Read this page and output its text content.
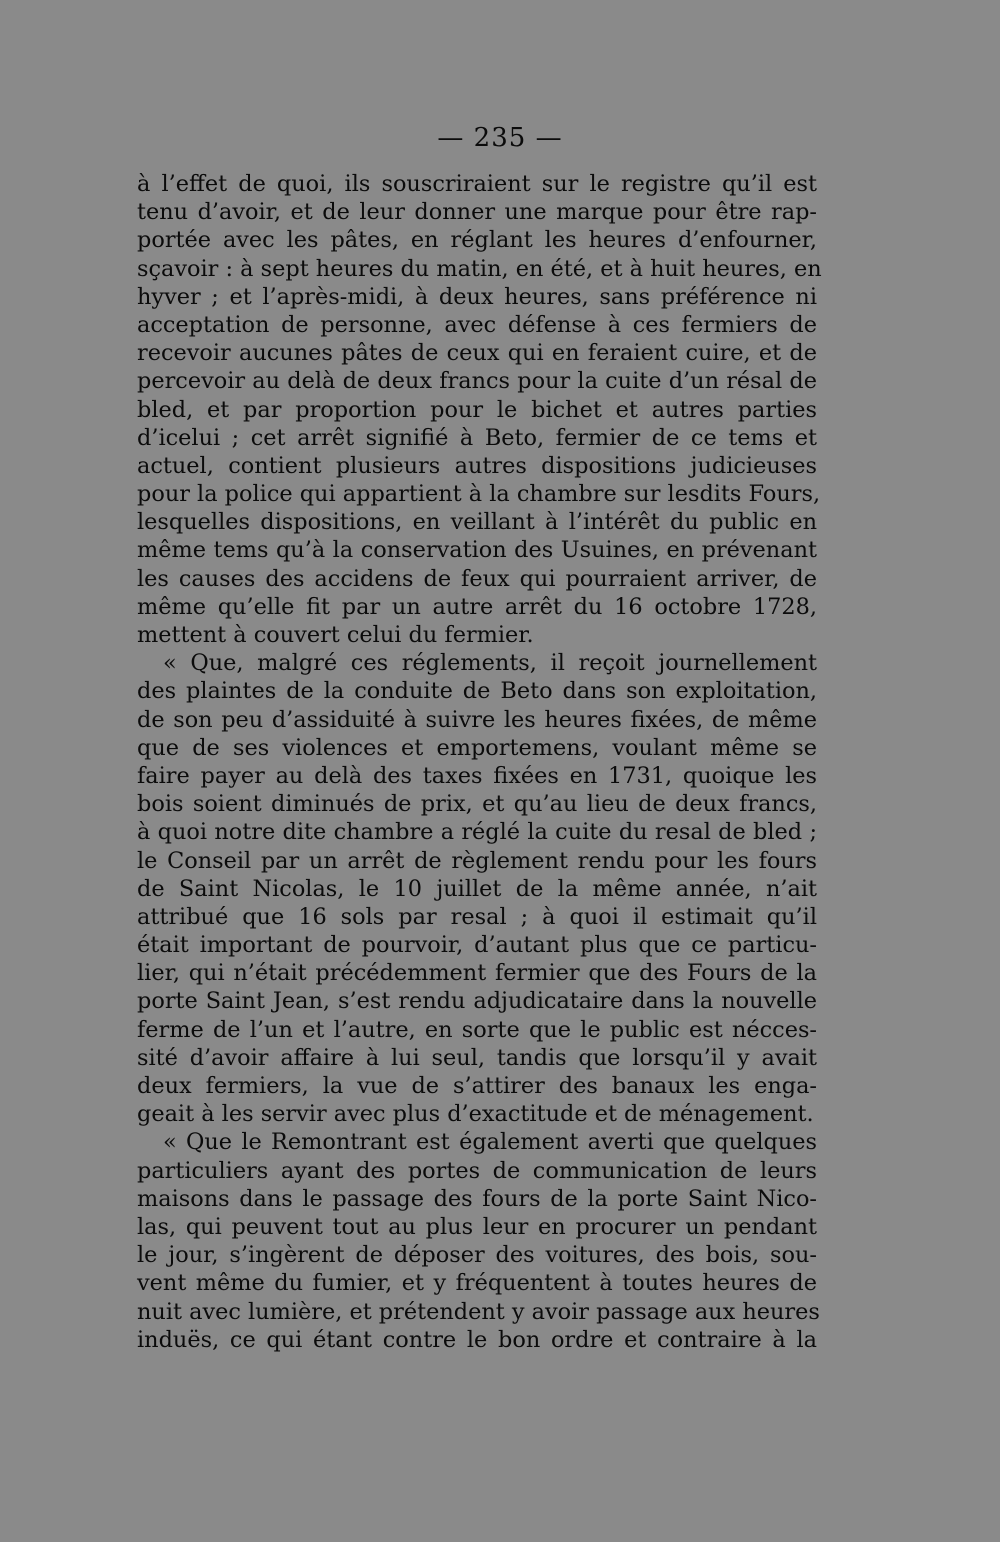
— 235 —
à l’effet de quoi, ils souscriraient sur le registre qu’il est
tenu d’avoir, et de leur donner une marque pour être rap-
portée avec les pâtes, en réglant les heures d’enfourner,
sçavoir : à sept heures du matin, en été, et à huit heures, en
hyver ; et l’après-midi, à deux heures, sans préférence ni
acceptation de personne, avec défense à ces fermiers de
recevoir aucunes pâtes de ceux qui en feraient cuire, et de
percevoir au delà de deux francs pour la cuite d’un résal de
bled, et par proportion pour le bichet et autres parties
d’icelui ; cet arrêt signifié à Beto, fermier de ce tems et
actuel, contient plusieurs autres dispositions judicieuses
pour la police qui appartient à la chambre sur lesdits Fours,
lesquelles dispositions, en veillant à l’intérêt du public en
même tems qu’à la conservation des Usuines, en prévenant
les causes des accidens de feux qui pourraient arriver, de
même qu’elle fit par un autre arrêt du 16 octobre 1728,
mettent à couvert celui du fermier.
« Que, malgré ces réglements, il reçoit journellement
des plaintes de la conduite de Beto dans son exploitation,
de son peu d’assiduité à suivre les heures fixées, de même
que de ses violences et emportemens, voulant même se
faire payer au delà des taxes fixées en 1731, quoique les
bois soient diminués de prix, et qu’au lieu de deux francs,
à quoi notre dite chambre a réglé la cuite du resal de bled ;
le Conseil par un arrêt de règlement rendu pour les fours
de Saint Nicolas, le 10 juillet de la même année, n’ait
attribué que 16 sols par resal ; à quoi il estimait qu’il
était important de pourvoir, d’autant plus que ce particu-
lier, qui n’était précédemment fermier que des Fours de la
porte Saint Jean, s’est rendu adjudicataire dans la nouvelle
ferme de l’un et l’autre, en sorte que le public est nécces-
sité d’avoir affaire à lui seul, tandis que lorsqu’il y avait
deux fermiers, la vue de s’attirer des banaux les enga-
geait à les servir avec plus d’exactitude et de ménagement.
« Que le Remontrant est également averti que quelques
particuliers ayant des portes de communication de leurs
maisons dans le passage des fours de la porte Saint Nico-
las, qui peuvent tout au plus leur en procurer un pendant
le jour, s’ingèrent de déposer des voitures, des bois, sou-
vent même du fumier, et y fréquentent à toutes heures de
nuit avec lumière, et prétendent y avoir passage aux heures
induës, ce qui étant contre le bon ordre et contraire à la
